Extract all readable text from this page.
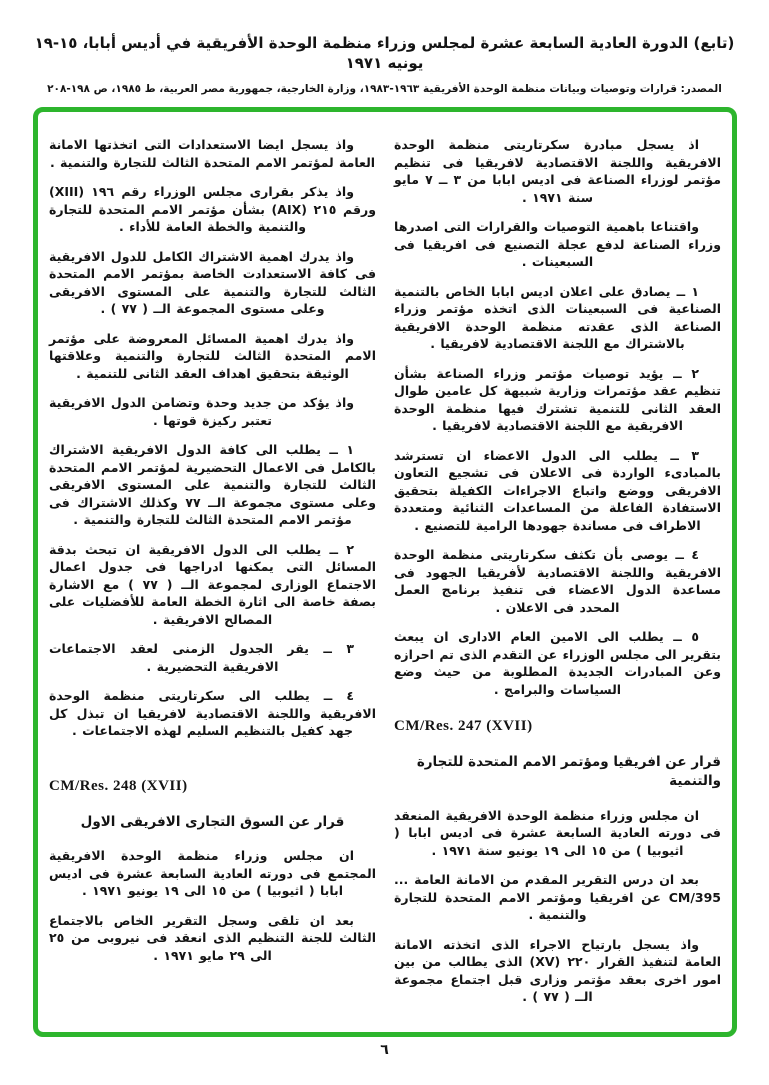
(تابع) الدورة العادية السابعة عشرة لمجلس وزراء منظمة الوحدة الأفريقية في أديس أبابا، ١٥-١٩ يونيه ١٩٧١
المصدر: قرارات وتوصيات وبيانات منظمة الوحدة الأفريقية ١٩٦٣-١٩٨٣، وزارة الخارجية، جمهورية مصر العربية، ط ١٩٨٥، ص ١٩٨-٢٠٨

اذ يسجل مبادرة سكرتاريتى منظمة الوحدة الافريقية واللجنة الاقتصادية لافريقيا فى تنظيم مؤتمر لوزراء الصناعة فى اديس ابابا من ٣ ــ ٧ مايو سنة ١٩٧١ .

واقتناعا باهمية التوصيات والقرارات التى اصدرها وزراء الصناعة لدفع عجلة التصنيع فى افريقيا فى السبعينات .

١ ــ يصادق على اعلان اديس ابابا الخاص بالتنمية الصناعية فى السبعينات الذى اتخذه مؤتمر وزراء الصناعة الذى عقدته منظمة الوحدة الافريقية بالاشتراك مع اللجنة الاقتصادية لافريقيا .

٢ ــ يؤيد توصيات مؤتمر وزراء الصناعة بشأن تنظيم عقد مؤتمرات وزارية شبيهة كل عامين طوال العقد الثانى للتنمية تشترك فيها منظمة الوحدة الافريقية مع اللجنة الاقتصادية لافريقيا .

٣ ــ يطلب الى الدول الاعضاء ان تسترشد بالمبادىء الواردة فى الاعلان فى تشجيع التعاون الافريقى ووضع واتباع الاجراءات الكفيلة بتحقيق الاستفادة الفاعلة من المساعدات الثنائية ومتعددة الاطراف فى مساندة جهودها الرامية للتصنيع .

٤ ــ يوصى بأن تكثف سكرتاريتى منظمة الوحدة الافريقية واللجنة الاقتصادية لأفريقيا الجهود فى مساعدة الدول الاعضاء فى تنفيذ برنامج العمل المحدد فى الاعلان .

٥ ــ يطلب الى الامين العام الادارى ان يبعث بتقرير الى مجلس الوزراء عن التقدم الذى تم احرازه وعن المبادرات الجديدة المطلوبة من حيث وضع السياسات والبرامج .

CM/Res. 247 (XVII)
قرار عن افريقيا ومؤتمر الامم المتحدة للتجارة والتنمية

ان مجلس وزراء منظمة الوحدة الافريقية المنعقد فى دورته العادية السابعة عشرة فى اديس ابابا ( اثيوبيا ) من ١٥ الى ١٩ يونيو سنة ١٩٧١ .

بعد ان درس التقرير المقدم من الامانة العامة ... CM/395 عن افريقيا ومؤتمر الامم المتحدة للتجارة والتنمية .

واذ يسجل بارتياح الاجراء الذى اتخذته الامانة العامة لتنفيذ القرار ٢٢٠ (XV) الذى يطالب من بين امور اخرى بعقد مؤتمر وزارى قبل اجتماع مجموعة الــ ( ٧٧ ) .

واذ يسجل ايضا الاستعدادات التى اتخذتها الامانة العامة لمؤتمر الامم المتحدة الثالث للتجارة والتنمية .

واذ يذكر بقرارى مجلس الوزراء رقم ١٩٦ (XIII) ورقم ٢١٥ (AIX) بشأن مؤتمر الامم المتحدة للتجارة والتنمية والخطة العامة للأداء .

واذ يدرك اهمية الاشتراك الكامل للدول الافريقية فى كافة الاستعدادت الخاصة بمؤتمر الامم المتحدة الثالث للتجارة والتنمية على المستوى الافريقى وعلى مستوى المجموعة الــ ( ٧٧ ) .

واذ يدرك اهمية المسائل المعروضة على مؤتمر الامم المتحدة الثالث للتجارة والتنمية وعلاقتها الوثيقة بتحقيق اهداف العقد الثانى للتنمية .

واذ يؤكد من جديد وحدة وتضامن الدول الافريقية تعتبر ركيزة قوتها .

١ ــ يطلب الى كافة الدول الافريقية الاشتراك بالكامل فى الاعمال التحضيرية لمؤتمر الامم المتحدة الثالث للتجارة والتنمية على المستوى الافريقى وعلى مستوى مجموعة الــ ٧٧ وكذلك الاشتراك فى مؤتمر الامم المتحدة الثالث للتجارة والتنمية .

٢ ــ يطلب الى الدول الافريقية ان تبحث بدقة المسائل التى يمكنها ادراجها فى جدول اعمال الاجتماع الوزارى لمجموعة الــ ( ٧٧ ) مع الاشارة بصفة خاصة الى اثارة الخطة العامة للأفضليات على المصالح الافريقية .

٣ ــ يقر الجدول الزمنى لعقد الاجتماعات الافريقية التحضيرية .

٤ ــ يطلب الى سكرتاريتى منظمة الوحدة الافريقية واللجنة الاقتصادية لافريقيا ان تبذل كل جهد كفيل بالتنظيم السليم لهذه الاجتماعات .

CM/Res. 248 (XVII)
قرار عن السوق التجارى الافريقى الاول

ان مجلس وزراء منظمة الوحدة الافريقية المجتمع فى دورته العادية السابعة عشرة فى اديس ابابا ( اثيوبيا ) من ١٥ الى ١٩ يونيو ١٩٧١ .

بعد ان تلقى وسجل التقرير الخاص بالاجتماع الثالث للجنة التنظيم الذى انعقد فى نيروبى من ٢٥ الى ٢٩ مايو ١٩٧١ .

٦
